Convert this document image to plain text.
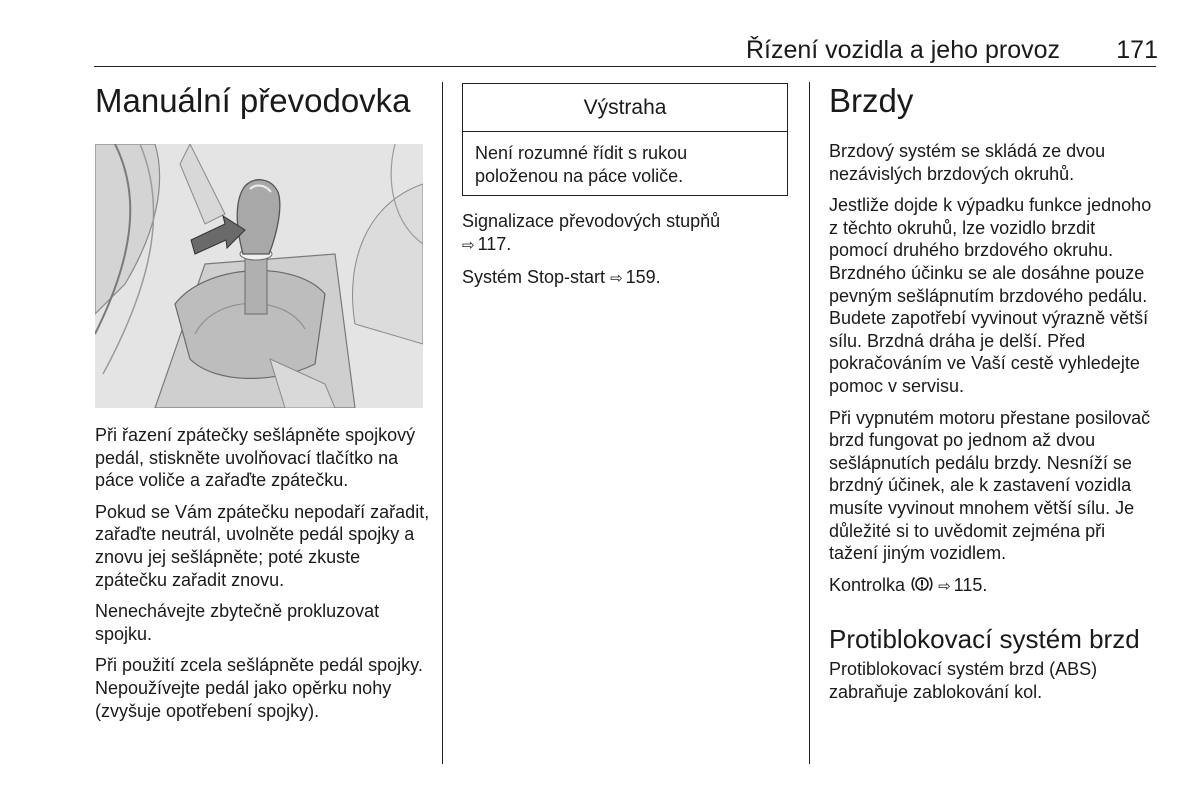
Řízení vozidla a jeho provoz	171
Manuální převodovka

Při řazení zpátečky sešlápněte spojkový pedál, stiskněte uvolňovací tlačítko na páce voliče a zařaďte zpátečku.

Pokud se Vám zpátečku nepodaří zařadit, zařaďte neutrál, uvolněte pedál spojky a znovu jej sešlápněte; poté zkuste zpátečku zařadit znovu.

Nenechávejte zbytečně prokluzovat spojku.

Při použití zcela sešlápněte pedál spojky. Nepoužívejte pedál jako opěrku nohy (zvyšuje opotřebení spojky).

Výstraha
Není rozumné řídit s rukou položenou na páce voliče.

Signalizace převodových stupňů
⇨ 117.

Systém Stop-start ⇨ 159.

Brzdy

Brzdový systém se skládá ze dvou nezávislých brzdových okruhů.

Jestliže dojde k výpadku funkce jednoho z těchto okruhů, lze vozidlo brzdit pomocí druhého brzdového okruhu. Brzdného účinku se ale dosáhne pouze pevným sešlápnutím brzdového pedálu. Budete zapotřebí vyvinout výrazně větší sílu. Brzdná dráha je delší. Před pokračováním ve Vaší cestě vyhledejte pomoc v servisu.

Při vypnutém motoru přestane posilovač brzd fungovat po jednom až dvou sešlápnutích pedálu brzdy. Nesníží se brzdný účinek, ale k zastavení vozidla musíte vyvinout mnohem větší sílu. Je důležité si to uvědomit zejména při tažení jiným vozidlem.

Kontrolka ⇨ 115.

Protiblokovací systém brzd

Protiblokovací systém brzd (ABS) zabraňuje zablokování kol.
